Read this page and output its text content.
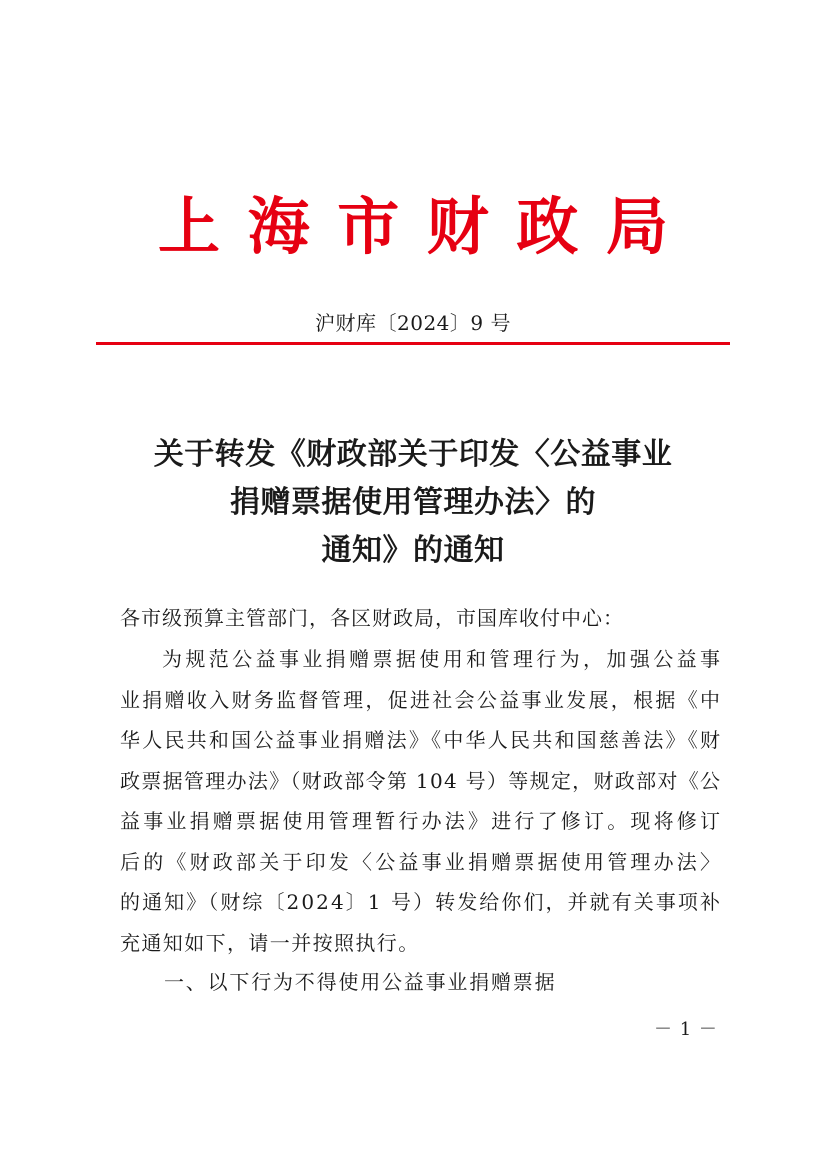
上 海 市 财 政 局
沪财库〔2024〕9 号
关于转发《财政部关于印发〈公益事业
捐赠票据使用管理办法〉的
通知》的通知
各市级预算主管部门，各区财政局，市国库收付中心：
为规范公益事业捐赠票据使用和管理行为，加强公益事
业捐赠收入财务监督管理，促进社会公益事业发展，根据《中
华人民共和国公益事业捐赠法》《中华人民共和国慈善法》《财
政票据管理办法》（财政部令第 104 号）等规定，财政部对《公
益事业捐赠票据使用管理暂行办法》进行了修订。现将修订
后的《财政部关于印发〈公益事业捐赠票据使用管理办法〉
的通知》（财综〔2024〕1 号）转发给你们，并就有关事项补
充通知如下，请一并按照执行。
一、以下行为不得使用公益事业捐赠票据
－ 1 －
